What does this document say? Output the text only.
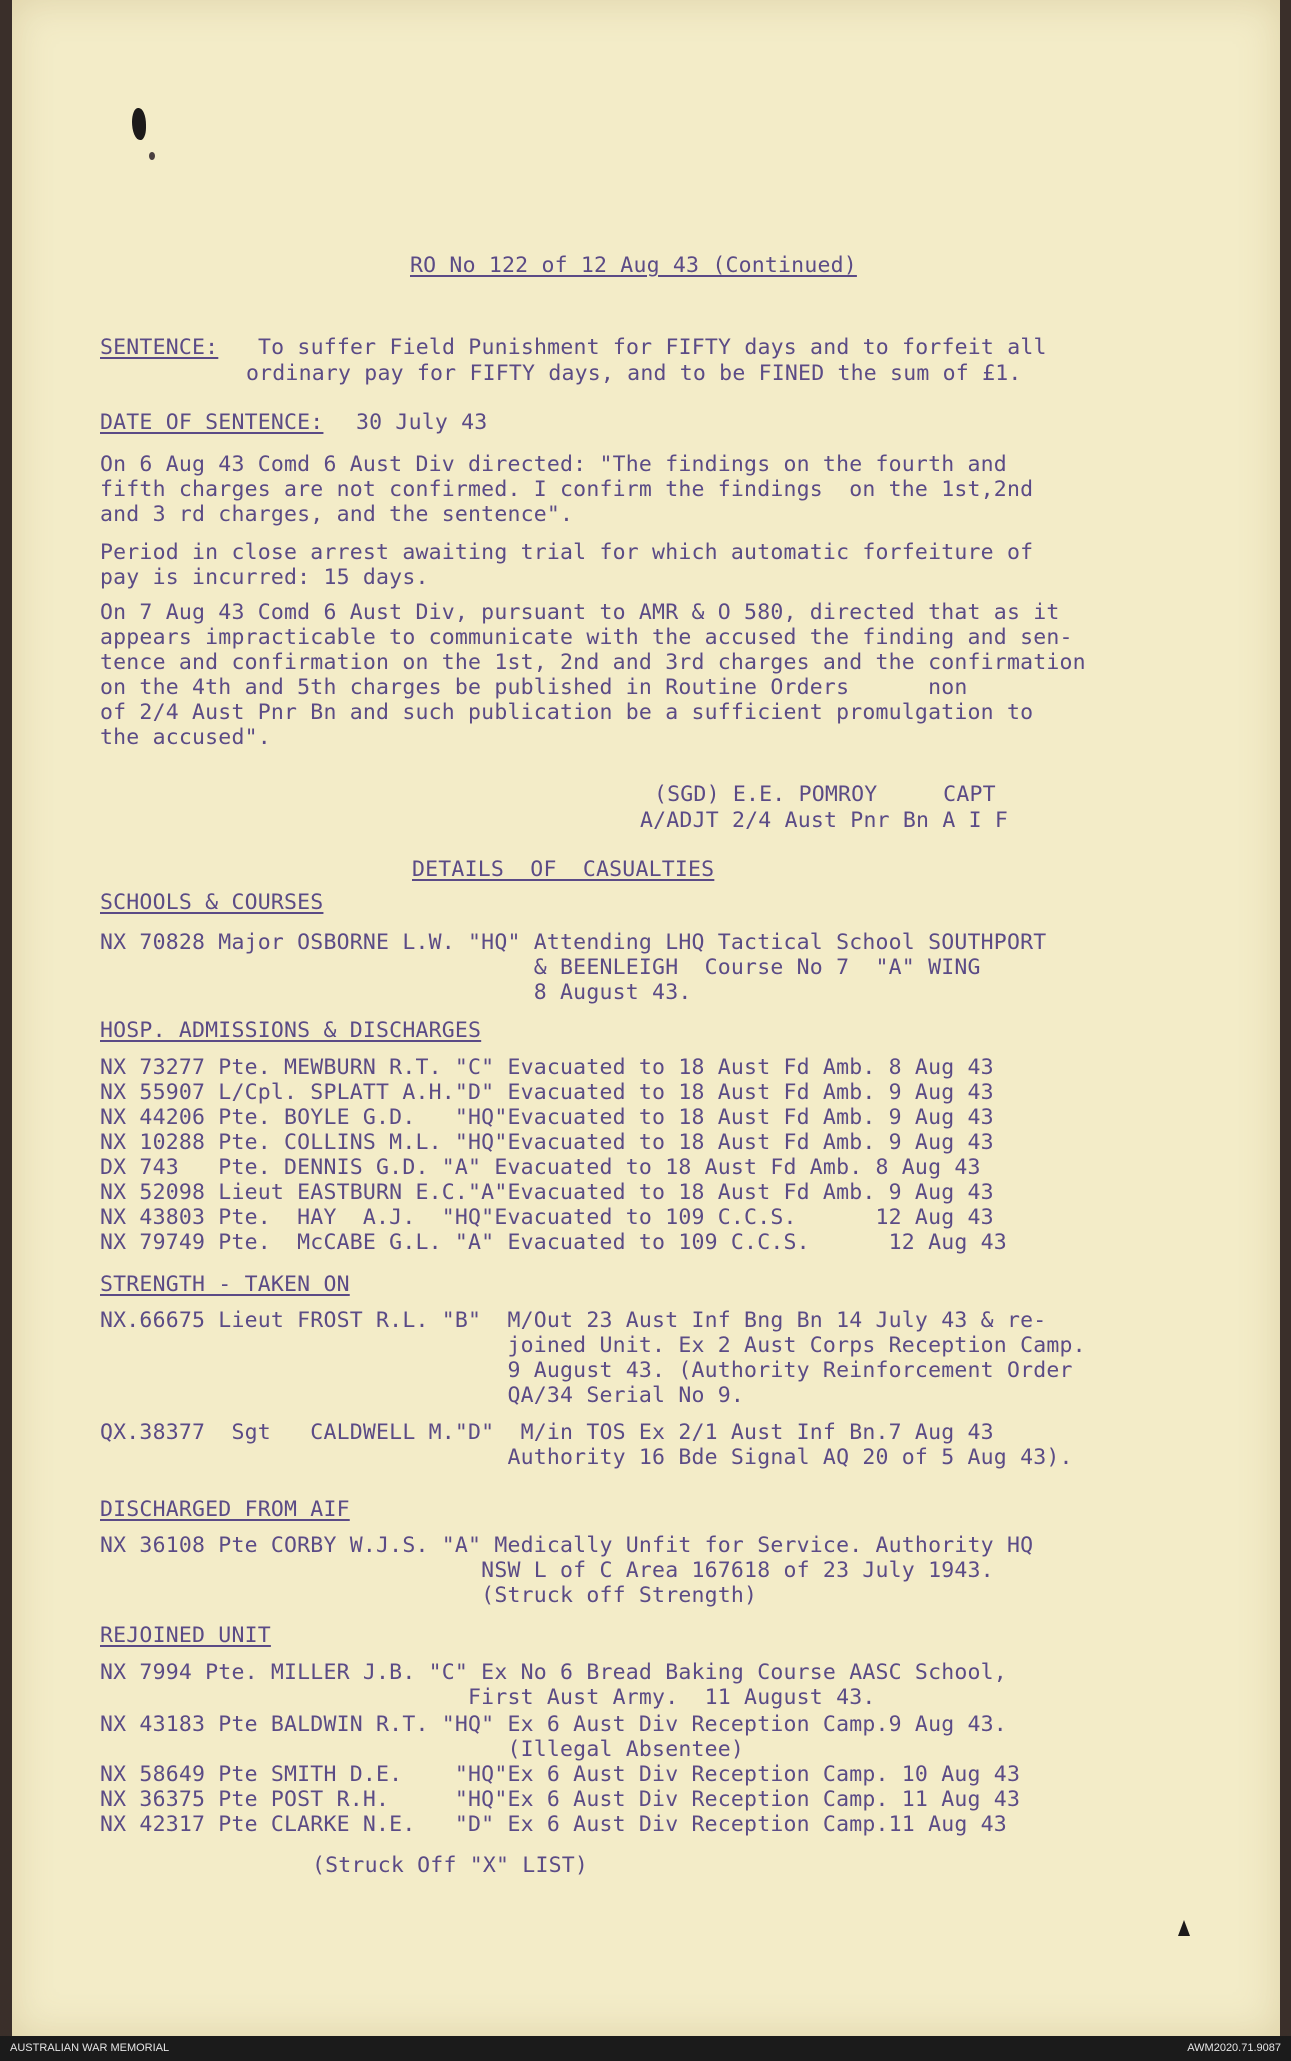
RO No 122 of 12 Aug 43 (Continued)
SENTENCE: To suffer Field Punishment for FIFTY days and to forfeit all
ordinary pay for FIFTY days, and to be FINED the sum of £1.
DATE OF SENTENCE: 30 July 43
On 6 Aug 43 Comd 6 Aust Div directed: "The findings on the fourth and
fifth charges are not confirmed. I confirm the findings  on the 1st,2nd
and 3 rd charges, and the sentence".
Period in close arrest awaiting trial for which automatic forfeiture of
pay is incurred: 15 days.
On 7 Aug 43 Comd 6 Aust Div, pursuant to AMR & O 580, directed that as it
appears impracticable to communicate with the accused the finding and sen-
tence and confirmation on the 1st, 2nd and 3rd charges and the confirmation
on the 4th and 5th charges be published in Routine Orders      non
of 2/4 Aust Pnr Bn and such publication be a sufficient promulgation to
the accused".
(SGD) E.E. POMROY     CAPT
A/ADJT 2/4 Aust Pnr Bn A I F
DETAILS  OF  CASUALTIES
SCHOOLS & COURSES
NX 70828 Major OSBORNE L.W. "HQ" Attending LHQ Tactical School SOUTHPORT
& BEENLEIGH  Course No 7  "A" WING
8 August 43.
HOSP. ADMISSIONS & DISCHARGES
NX 73277 Pte. MEWBURN R.T. "C" Evacuated to 18 Aust Fd Amb. 8 Aug 43
NX 55907 L/Cpl. SPLATT A.H."D" Evacuated to 18 Aust Fd Amb. 9 Aug 43
NX 44206 Pte. BOYLE G.D.   "HQ"Evacuated to 18 Aust Fd Amb. 9 Aug 43
NX 10288 Pte. COLLINS M.L. "HQ"Evacuated to 18 Aust Fd Amb. 9 Aug 43
DX 743   Pte. DENNIS G.D. "A" Evacuated to 18 Aust Fd Amb. 8 Aug 43
NX 52098 Lieut EASTBURN E.C."A"Evacuated to 18 Aust Fd Amb. 9 Aug 43
NX 43803 Pte.  HAY  A.J.  "HQ"Evacuated to 109 C.C.S.      12 Aug 43
NX 79749 Pte.  McCABE G.L. "A" Evacuated to 109 C.C.S.      12 Aug 43
STRENGTH - TAKEN ON
NX.66675 Lieut FROST R.L. "B"  M/Out 23 Aust Inf Bng Bn 14 July 43 & re-
joined Unit. Ex 2 Aust Corps Reception Camp.
9 August 43. (Authority Reinforcement Order
QA/34 Serial No 9.
QX.38377  Sgt   CALDWELL M."D"  M/in TOS Ex 2/1 Aust Inf Bn.7 Aug 43
Authority 16 Bde Signal AQ 20 of 5 Aug 43).
DISCHARGED FROM AIF
NX 36108 Pte CORBY W.J.S. "A" Medically Unfit for Service. Authority HQ
NSW L of C Area 167618 of 23 July 1943.
(Struck off Strength)
REJOINED UNIT
NX 7994 Pte. MILLER J.B. "C" Ex No 6 Bread Baking Course AASC School,
First Aust Army.  11 August 43.
NX 43183 Pte BALDWIN R.T. "HQ" Ex 6 Aust Div Reception Camp.9 Aug 43.
(Illegal Absentee)
NX 58649 Pte SMITH D.E.    "HQ"Ex 6 Aust Div Reception Camp. 10 Aug 43
NX 36375 Pte POST R.H.     "HQ"Ex 6 Aust Div Reception Camp. 11 Aug 43
NX 42317 Pte CLARKE N.E.   "D" Ex 6 Aust Div Reception Camp.11 Aug 43
(Struck Off "X" LIST)
AUSTRALIAN WAR MEMORIAL	AWM2020.71.9087
